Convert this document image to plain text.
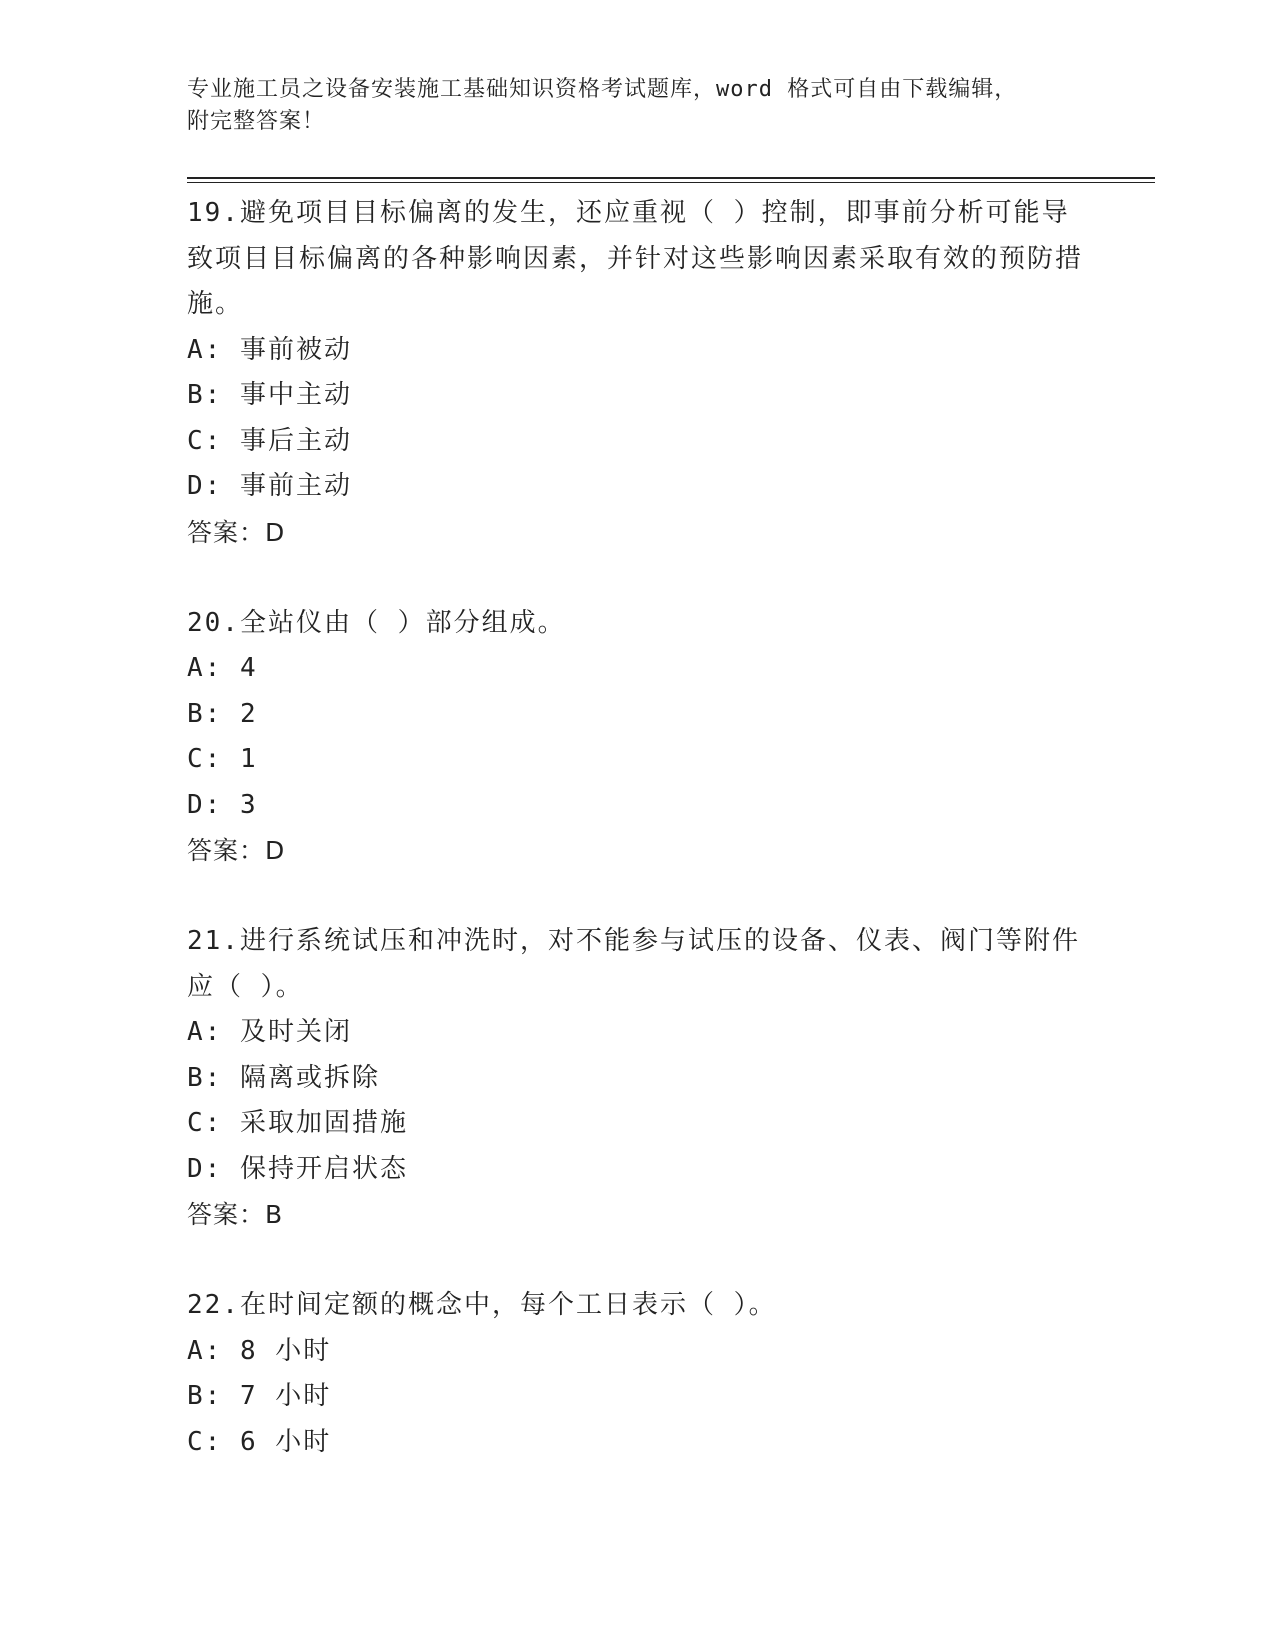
专业施工员之设备安装施工基础知识资格考试题库，word 格式可自由下载编辑，
附完整答案！

19.避免项目目标偏离的发生，还应重视（ ）控制，即事前分析可能导致项目目标偏离的各种影响因素，并针对这些影响因素采取有效的预防措施。

A: 事前被动

B: 事中主动

C: 事后主动

D: 事前主动

答案：D

20.全站仪由（ ）部分组成。

A: 4

B: 2

C: 1

D: 3

答案：D

21.进行系统试压和冲洗时，对不能参与试压的设备、仪表、阀门等附件应（ ）。

A: 及时关闭

B: 隔离或拆除

C: 采取加固措施

D: 保持开启状态

答案：B

22.在时间定额的概念中，每个工日表示（ ）。

A: 8 小时

B: 7 小时

C: 6 小时
